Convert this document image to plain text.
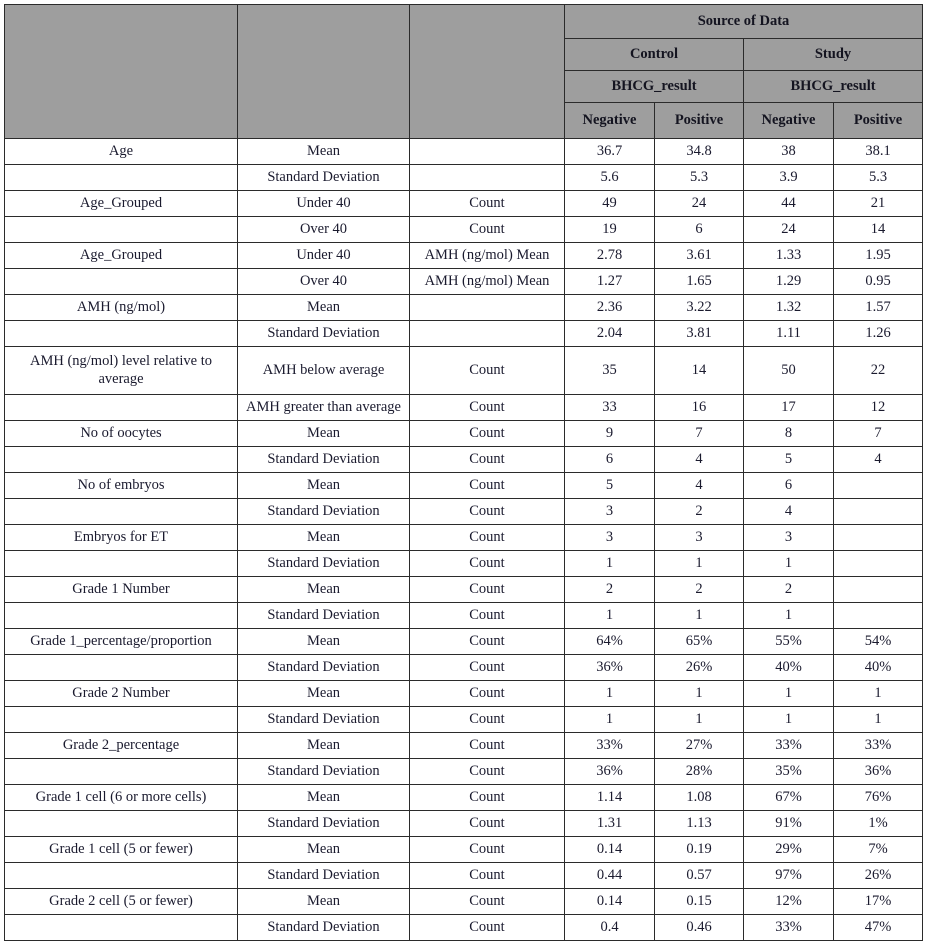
			Source of Data			
			Control		Study	
			BHCG_result		BHCG_result	
			Negative	Positive	Negative	Positive
Age	Mean		36.7	34.8	38	38.1
	Standard Deviation		5.6	5.3	3.9	5.3
Age_Grouped	Under 40	Count	49	24	44	21
	Over 40	Count	19	6	24	14
Age_Grouped	Under 40	AMH (ng/mol) Mean	2.78	3.61	1.33	1.95
	Over 40	AMH (ng/mol) Mean	1.27	1.65	1.29	0.95
AMH (ng/mol)	Mean		2.36	3.22	1.32	1.57
	Standard Deviation		2.04	3.81	1.11	1.26
AMH (ng/mol) level relative to average	AMH below average	Count	35	14	50	22
	AMH greater than average	Count	33	16	17	12
No of oocytes	Mean	Count	9	7	8	7
	Standard Deviation	Count	6	4	5	4
No of embryos	Mean	Count	5	4	6	
	Standard Deviation	Count	3	2	4	
Embryos for ET	Mean	Count	3	3	3	
	Standard Deviation	Count	1	1	1	
Grade 1 Number	Mean	Count	2	2	2	
	Standard Deviation	Count	1	1	1	
Grade 1_percentage/proportion	Mean	Count	64%	65%	55%	54%
	Standard Deviation	Count	36%	26%	40%	40%
Grade 2 Number	Mean	Count	1	1	1	1
	Standard Deviation	Count	1	1	1	1
Grade 2_percentage	Mean	Count	33%	27%	33%	33%
	Standard Deviation	Count	36%	28%	35%	36%
Grade 1 cell (6 or more cells)	Mean	Count	1.14	1.08	67%	76%
	Standard Deviation	Count	1.31	1.13	91%	1%
Grade 1 cell (5 or fewer)	Mean	Count	0.14	0.19	29%	7%
	Standard Deviation	Count	0.44	0.57	97%	26%
Grade 2 cell (5 or fewer)	Mean	Count	0.14	0.15	12%	17%
	Standard Deviation	Count	0.4	0.46	33%	47%
